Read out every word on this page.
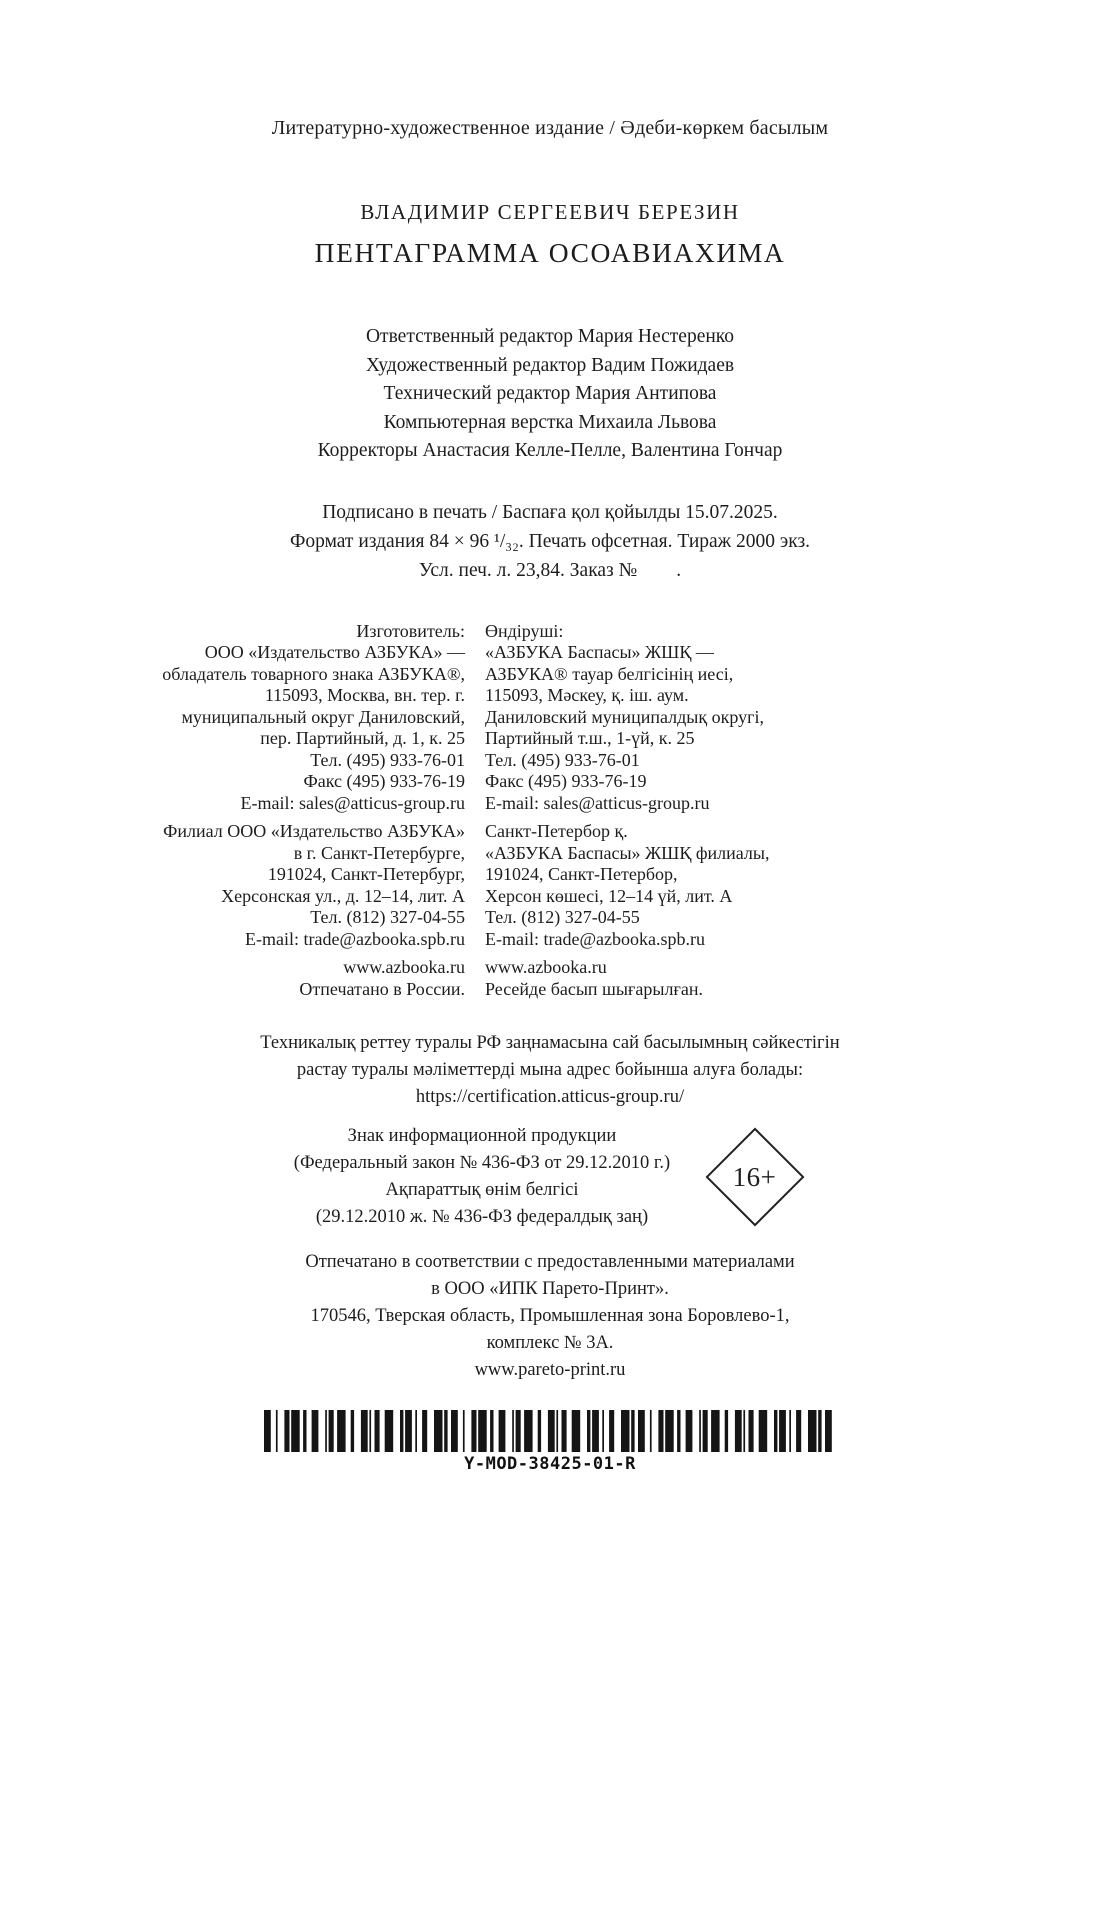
Литературно-художественное издание / Әдеби-көркем басылым
ВЛАДИМИР СЕРГЕЕВИЧ БЕРЕЗИН
ПЕНТАГРАММА ОСОАВИАХИМА
Ответственный редактор Мария Нестеренко
Художественный редактор Вадим Пожидаев
Технический редактор Мария Антипова
Компьютерная верстка Михаила Львова
Корректоры Анастасия Келле-Пелле, Валентина Гончар
Подписано в печать / Баспаға қол қойылды 15.07.2025.
Формат издания 84 × 96 ¹/₃₂. Печать офсетная. Тираж 2000 экз.
Усл. печ. л. 23,84. Заказ №        .
Изготовитель:
ООО «Издательство АЗБУКА» —
обладатель товарного знака АЗБУКА®,
115093, Москва, вн. тер. г.
муниципальный округ Даниловский,
пер. Партийный, д. 1, к. 25
Тел. (495) 933-76-01
Факс (495) 933-76-19
E-mail: sales@atticus-group.ru
Филиал ООО «Издательство АЗБУКА»
в г. Санкт-Петербурге,
191024, Санкт-Петербург,
Херсонская ул., д. 12–14, лит. А
Тел. (812) 327-04-55
E-mail: trade@azbooka.spb.ru
www.azbooka.ru
Отпечатано в России.
Өндіруші:
«АЗБУКА Баспасы» ЖШҚ —
АЗБУКА® тауар белгісінің иесі,
115093, Мәскеу, қ. іш. аум.
Даниловский муниципалдық округі,
Партийный т.ш., 1-үй, к. 25
Тел. (495) 933-76-01
Факс (495) 933-76-19
E-mail: sales@atticus-group.ru
Санкт-Петербор қ.
«АЗБУКА Баспасы» ЖШҚ филиалы,
191024, Санкт-Петербор,
Херсон көшесі, 12–14 үй, лит. А
Тел. (812) 327-04-55
E-mail: trade@azbooka.spb.ru
www.azbooka.ru
Ресейде басып шығарылған.
Техникалық реттеу туралы РФ заңнамасына сай басылымның сәйкестігін
растау туралы мәліметтерді мына адрес бойынша алуға болады:
https://certification.atticus-group.ru/
Знак информационной продукции
(Федеральный закон № 436-ФЗ от 29.12.2010 г.)
Ақпараттық өнім белгісі
(29.12.2010 ж. № 436-ФЗ федералдық заң)
16+
Отпечатано в соответствии с предоставленными материалами
в ООО «ИПК Парето-Принт».
170546, Тверская область, Промышленная зона Боровлево-1,
комплекс № 3А.
www.pareto-print.ru
Y-MOD-38425-01-R
